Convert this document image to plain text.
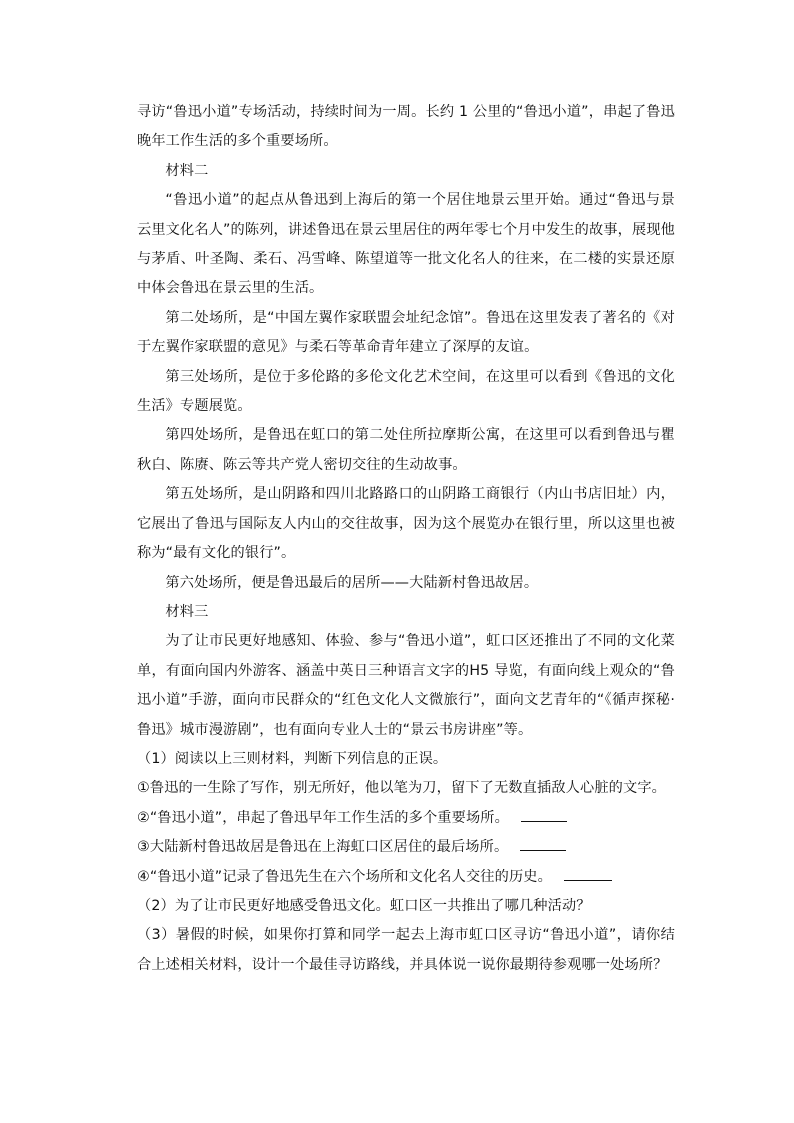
寻访“鲁迅小道”专场活动，持续时间为一周。长约 1 公里的“鲁迅小道”，串起了鲁迅晚年工作生活的多个重要场所。

材料二

“鲁迅小道”的起点从鲁迅到上海后的第一个居住地景云里开始。通过“鲁迅与景云里文化名人”的陈列，讲述鲁迅在景云里居住的两年零七个月中发生的故事，展现他与茅盾、叶圣陶、柔石、冯雪峰、陈望道等一批文化名人的往来，在二楼的实景还原中体会鲁迅在景云里的生活。

第二处场所，是“中国左翼作家联盟会址纪念馆”。鲁迅在这里发表了著名的《对于左翼作家联盟的意见》与柔石等革命青年建立了深厚的友谊。

第三处场所，是位于多伦路的多伦文化艺术空间，在这里可以看到《鲁迅的文化生活》专题展览。

第四处场所，是鲁迅在虹口的第二处住所拉摩斯公寓，在这里可以看到鲁迅与瞿秋白、陈赓、陈云等共产党人密切交往的生动故事。

第五处场所，是山阴路和四川北路路口的山阴路工商银行（内山书店旧址）内，它展出了鲁迅与国际友人内山的交往故事，因为这个展览办在银行里，所以这里也被称为“最有文化的银行”。

第六处场所，便是鲁迅最后的居所——大陆新村鲁迅故居。

材料三

为了让市民更好地感知、体验、参与“鲁迅小道”，虹口区还推出了不同的文化菜单，有面向国内外游客、涵盖中英日三种语言文字的H5 导览，有面向线上观众的“鲁迅小道”手游，面向市民群众的“红色文化人文微旅行”，面向文艺青年的“《循声探秘·鲁迅》城市漫游剧”，也有面向专业人士的“景云书房讲座”等。

（1）阅读以上三则材料，判断下列信息的正误。

①鲁迅的一生除了写作，别无所好，他以笔为刀，留下了无数直插敌人心脏的文字。
②“鲁迅小道”，串起了鲁迅早年工作生活的多个重要场所。
③大陆新村鲁迅故居是鲁迅在上海虹口区居住的最后场所。
④“鲁迅小道”记录了鲁迅先生在六个场所和文化名人交往的历史。

（2）为了让市民更好地感受鲁迅文化。虹口区一共推出了哪几种活动？

（3）暑假的时候，如果你打算和同学一起去上海市虹口区寻访“鲁迅小道”，请你结合上述相关材料，设计一个最佳寻访路线，并具体说一说你最期待参观哪一处场所？
